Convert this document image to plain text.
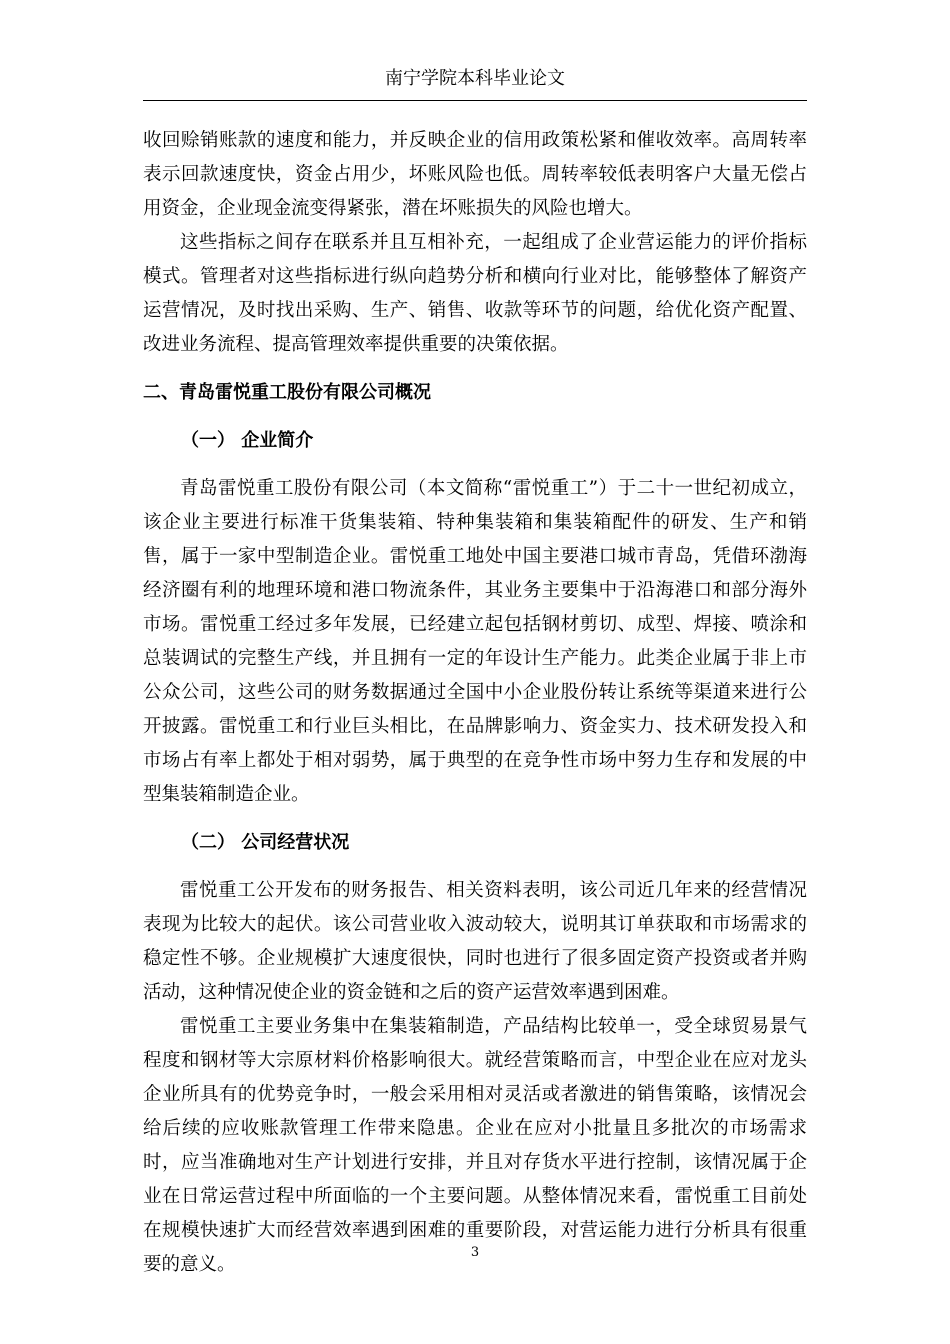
南宁学院本科毕业论文

收回赊销账款的速度和能力，并反映企业的信用政策松紧和催收效率。高周转率表示回款速度快，资金占用少，坏账风险也低。周转率较低表明客户大量无偿占用资金，企业现金流变得紧张，潜在坏账损失的风险也增大。

这些指标之间存在联系并且互相补充，一起组成了企业营运能力的评价指标模式。管理者对这些指标进行纵向趋势分析和横向行业对比，能够整体了解资产运营情况，及时找出采购、生产、销售、收款等环节的问题，给优化资产配置、改进业务流程、提高管理效率提供重要的决策依据。

二、青岛雷悦重工股份有限公司概况
（一） 企业简介

青岛雷悦重工股份有限公司（本文简称“雷悦重工”）于二十一世纪初成立，该企业主要进行标准干货集装箱、特种集装箱和集装箱配件的研发、生产和销售，属于一家中型制造企业。雷悦重工地处中国主要港口城市青岛，凭借环渤海经济圈有利的地理环境和港口物流条件，其业务主要集中于沿海港口和部分海外市场。雷悦重工经过多年发展，已经建立起包括钢材剪切、成型、焊接、喷涂和总装调试的完整生产线，并且拥有一定的年设计生产能力。此类企业属于非上市公众公司，这些公司的财务数据通过全国中小企业股份转让系统等渠道来进行公开披露。雷悦重工和行业巨头相比，在品牌影响力、资金实力、技术研发投入和市场占有率上都处于相对弱势，属于典型的在竞争性市场中努力生存和发展的中型集装箱制造企业。

（二） 公司经营状况

雷悦重工公开发布的财务报告、相关资料表明，该公司近几年来的经营情况表现为比较大的起伏。该公司营业收入波动较大，说明其订单获取和市场需求的稳定性不够。企业规模扩大速度很快，同时也进行了很多固定资产投资或者并购活动，这种情况使企业的资金链和之后的资产运营效率遇到困难。

雷悦重工主要业务集中在集装箱制造，产品结构比较单一，受全球贸易景气程度和钢材等大宗原材料价格影响很大。就经营策略而言，中型企业在应对龙头企业所具有的优势竞争时，一般会采用相对灵活或者激进的销售策略，该情况会给后续的应收账款管理工作带来隐患。企业在应对小批量且多批次的市场需求时，应当准确地对生产计划进行安排，并且对存货水平进行控制，该情况属于企业在日常运营过程中所面临的一个主要问题。从整体情况来看，雷悦重工目前处在规模快速扩大而经营效率遇到困难的重要阶段，对营运能力进行分析具有很重要的意义。

3
